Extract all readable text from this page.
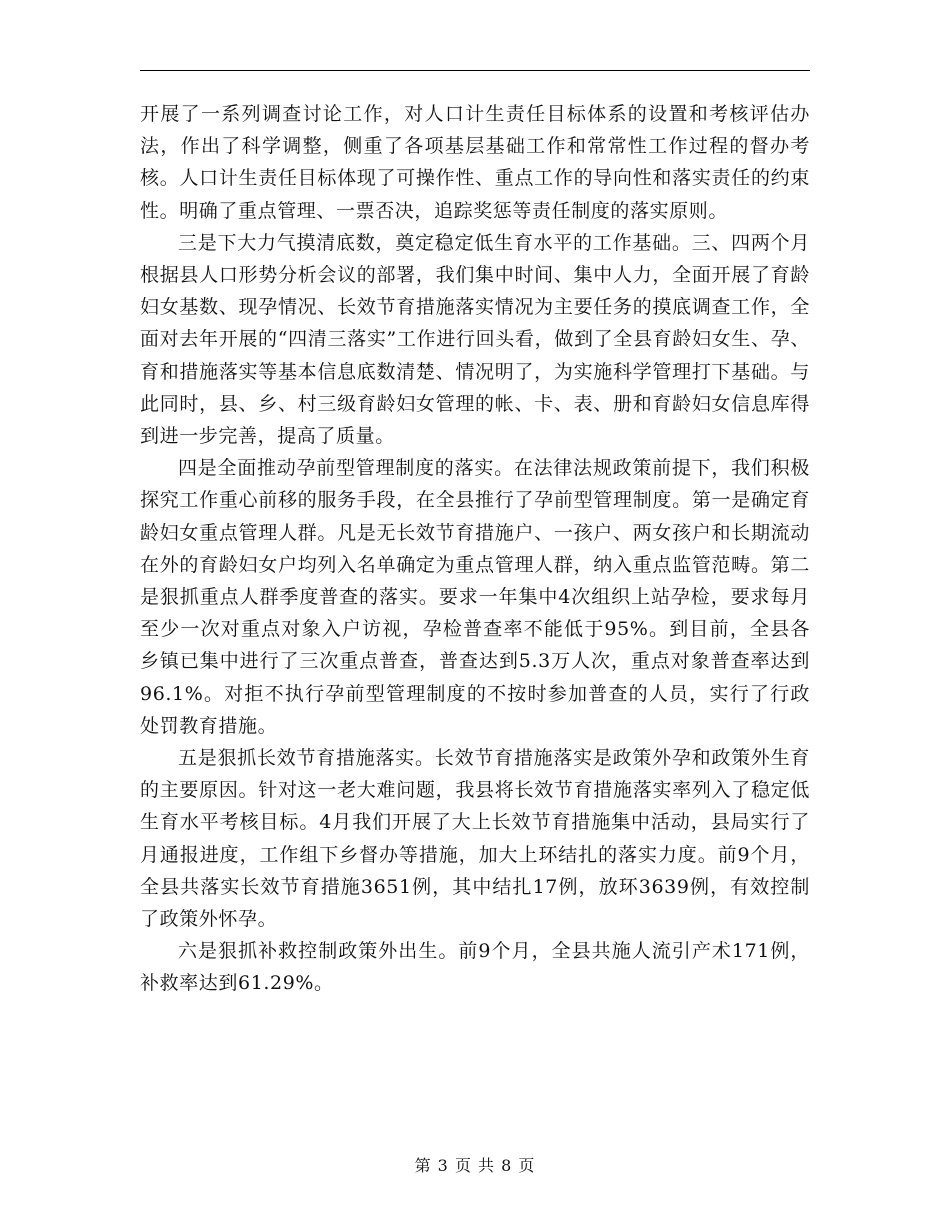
开展了一系列调查讨论工作，对人口计生责任目标体系的设置和考核评估办法，作出了科学调整，侧重了各项基层基础工作和常常性工作过程的督办考核。人口计生责任目标体现了可操作性、重点工作的导向性和落实责任的约束性。明确了重点管理、一票否决，追踪奖惩等责任制度的落实原则。

三是下大力气摸清底数，奠定稳定低生育水平的工作基础。三、四两个月根据县人口形势分析会议的部署，我们集中时间、集中人力，全面开展了育龄妇女基数、现孕情况、长效节育措施落实情况为主要任务的摸底调查工作，全面对去年开展的“四清三落实”工作进行回头看，做到了全县育龄妇女生、孕、育和措施落实等基本信息底数清楚、情况明了，为实施科学管理打下基础。与此同时，县、乡、村三级育龄妇女管理的帐、卡、表、册和育龄妇女信息库得到进一步完善，提高了质量。

四是全面推动孕前型管理制度的落实。在法律法规政策前提下，我们积极探究工作重心前移的服务手段，在全县推行了孕前型管理制度。第一是确定育龄妇女重点管理人群。凡是无长效节育措施户、一孩户、两女孩户和长期流动在外的育龄妇女户均列入名单确定为重点管理人群，纳入重点监管范畴。第二是狠抓重点人群季度普查的落实。要求一年集中4次组织上站孕检，要求每月至少一次对重点对象入户访视，孕检普查率不能低于95%。到目前，全县各乡镇已集中进行了三次重点普查，普查达到5.3万人次，重点对象普查率达到96.1%。对拒不执行孕前型管理制度的不按时参加普查的人员，实行了行政处罚教育措施。

五是狠抓长效节育措施落实。长效节育措施落实是政策外孕和政策外生育的主要原因。针对这一老大难问题，我县将长效节育措施落实率列入了稳定低生育水平考核目标。4月我们开展了大上长效节育措施集中活动，县局实行了月通报进度，工作组下乡督办等措施，加大上环结扎的落实力度。前9个月，全县共落实长效节育措施3651例，其中结扎17例，放环3639例，有效控制了政策外怀孕。

六是狠抓补救控制政策外出生。前9个月，全县共施人流引产术171例，补救率达到61.29%。

第 3 页 共 8 页
